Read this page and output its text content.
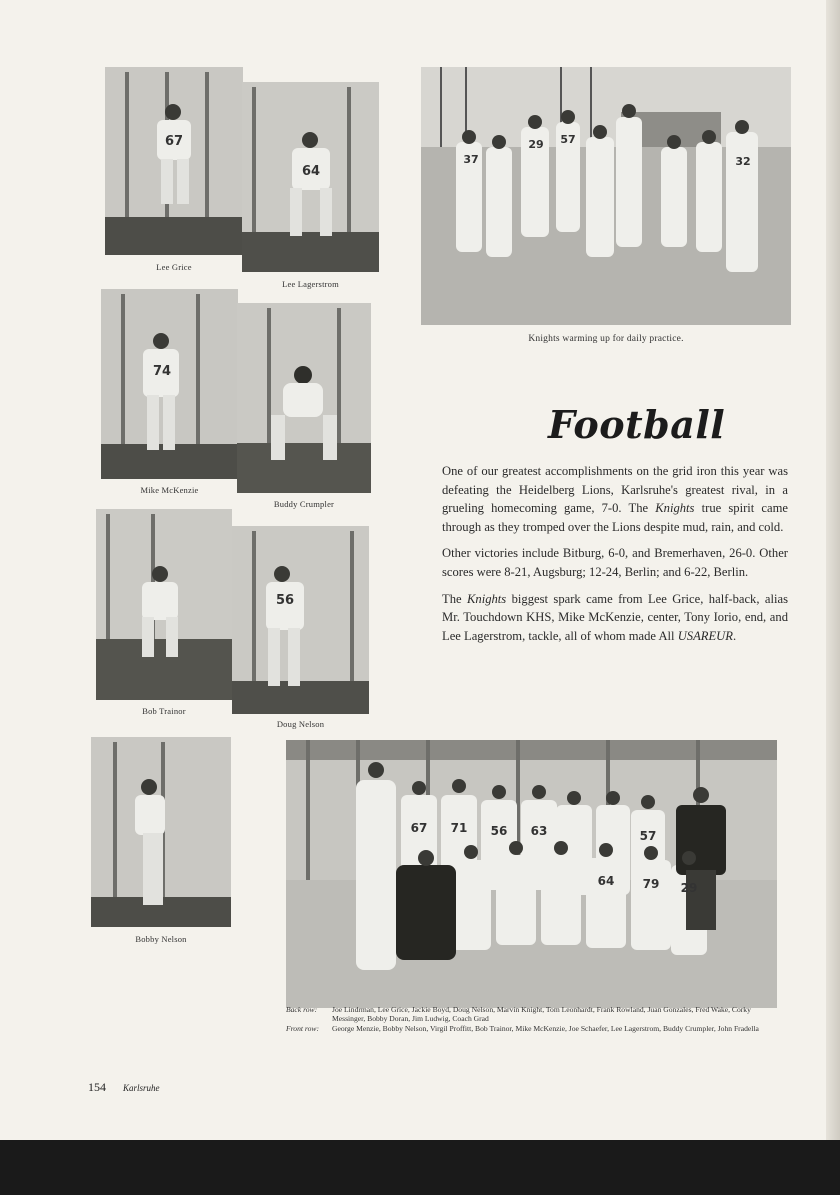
67
Lee Grice
64
Lee Lagerstrom
37
29 57
32
Knights warming up for daily practice.
74
Mike McKenzie
Buddy Crumpler
Bob Trainor
56
Doug Nelson
Bobby Nelson
Football

One of our greatest accomplishments on the grid iron this year was defeating the Heidelberg Lions, Karlsruhe's greatest rival, in a grueling homecoming game, 7-0. The Knights true spirit came through as they tromped over the Lions despite mud, rain, and cold.

Other victories include Bitburg, 6-0, and Bremerhaven, 26-0. Other scores were 8-21, Augsburg; 12-24, Berlin; and 6-22, Berlin.

The Knights biggest spark came from Lee Grice, half-back, alias Mr. Touchdown KHS, Mike McKenzie, center, Tony Iorio, end, and Lee Lagerstrom, tackle, all of whom made All USAREUR.

67 71 56 63	57
64 79 29
Back row:	Joe Lindrman, Lee Grice, Jackie Boyd, Doug Nelson, Marvin Knight, Tom Leonhardt, Frank Rowland, Juan Gonzales, Fred Wake, Corky Messinger, Bobby Doran, Jim Ludwig, Coach Grad
Front row:	George Menzie, Bobby Nelson, Virgil Proffitt, Bob Trainor, Mike McKenzie, Joe Schaefer, Lee Lagerstrom, Buddy Crumpler, John Fradella
154 Karlsruhe
